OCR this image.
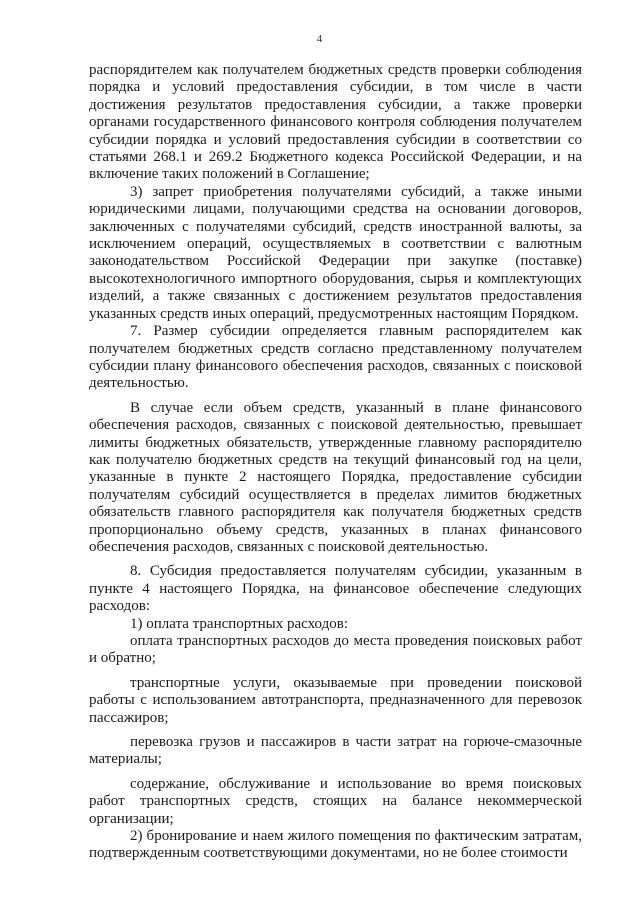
4

распорядителем как получателем бюджетных средств проверки соблюдения порядка и условий предоставления субсидии, в том числе в части достижения результатов предоставления субсидии, а также проверки органами государственного финансового контроля соблюдения получателем субсидии порядка и условий предоставления субсидии в соответствии со статьями 268.1 и 269.2 Бюджетного кодекса Российской Федерации, и на включение таких положений в Соглашение;

3) запрет приобретения получателями субсидий, а также иными юридическими лицами, получающими средства на основании договоров, заключенных с получателями субсидий, средств иностранной валюты, за исключением операций, осуществляемых в соответствии с валютным законодательством Российской Федерации при закупке (поставке) высокотехнологичного импортного оборудования, сырья и комплектующих изделий, а также связанных с достижением результатов предоставления указанных средств иных операций, предусмотренных настоящим Порядком.

7. Размер субсидии определяется главным распорядителем как получателем бюджетных средств согласно представленному получателем субсидии плану финансового обеспечения расходов, связанных с поисковой деятельностью.

В случае если объем средств, указанный в плане финансового обеспечения расходов, связанных с поисковой деятельностью, превышает лимиты бюджетных обязательств, утвержденные главному распорядителю как получателю бюджетных средств на текущий финансовый год на цели, указанные в пункте 2 настоящего Порядка, предоставление субсидии получателям субсидий осуществляется в пределах лимитов бюджетных обязательств главного распорядителя как получателя бюджетных средств пропорционально объему средств, указанных в планах финансового обеспечения расходов, связанных с поисковой деятельностью.

8. Субсидия предоставляется получателям субсидии, указанным в пункте 4 настоящего Порядка, на финансовое обеспечение следующих расходов:

1) оплата транспортных расходов:

оплата транспортных расходов до места проведения поисковых работ и обратно;

транспортные услуги, оказываемые при проведении поисковой работы с использованием автотранспорта, предназначенного для перевозок пассажиров;

перевозка грузов и пассажиров в части затрат на горюче-смазочные материалы;

содержание, обслуживание и использование во время поисковых работ транспортных средств, стоящих на балансе некоммерческой организации;

2) бронирование и наем жилого помещения по фактическим затратам, подтвержденным соответствующими документами, но не более стоимости
